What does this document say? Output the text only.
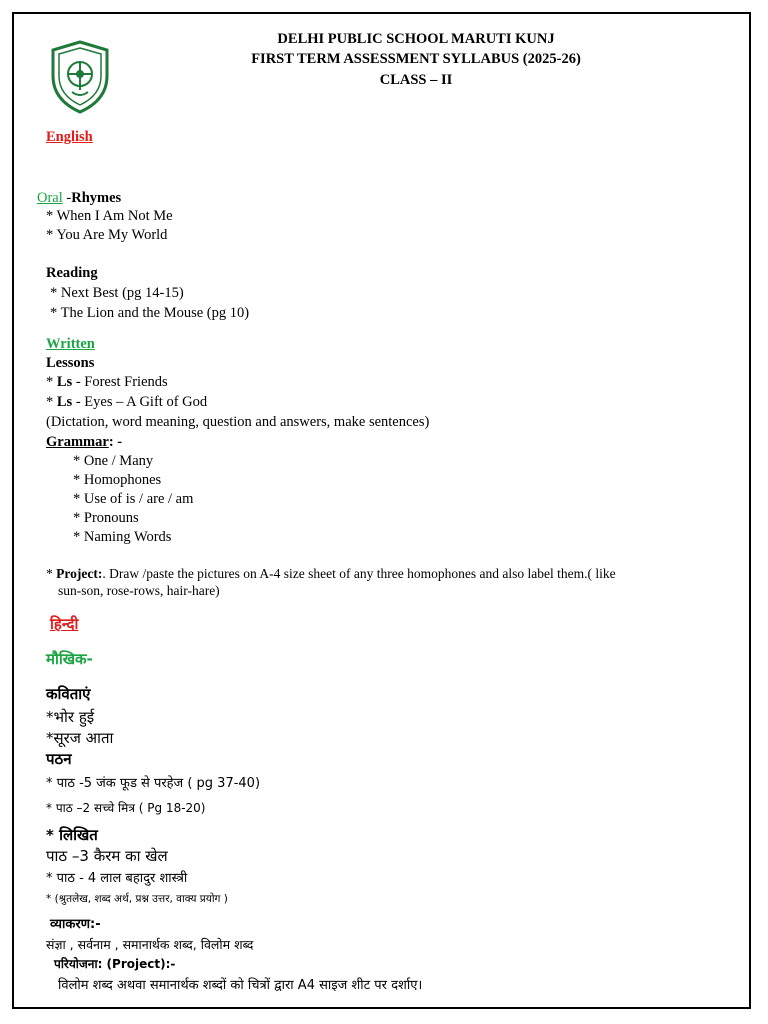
DELHI PUBLIC SCHOOL MARUTI KUNJ
FIRST TERM ASSESSMENT SYLLABUS (2025-26)
CLASS – II
English
Oral -Rhymes
* When I Am Not Me
* You Are My World
Reading
* Next Best (pg 14-15)
* The Lion and the Mouse (pg 10)
Written
Lessons
* Ls - Forest Friends
* Ls - Eyes – A Gift of God
(Dictation, word meaning, question and answers, make sentences)
Grammar: -
* One / Many
* Homophones
* Use of is / are / am
* Pronouns
* Naming Words
* Project:. Draw /paste the pictures on A-4 size sheet of any three homophones and also label them.( like
sun-son, rose-rows, hair-hare)
हिन्दी
मौखिक-
कविताएं
*भोर हुई
*सूरज आता
पठन
* पाठ -5 जंक फूड से परहेज ( pg 37-40)
* पाठ –2 सच्चे मित्र ( Pg 18-20)
* लिखित
पाठ –3 कैरम का खेल
* पाठ - 4 लाल बहादुर शास्त्री
* (श्रुतलेख, शब्द अर्थ, प्रश्न उत्तर, वाक्य प्रयोग )
व्याकरण:-
संज्ञा , सर्वनाम , समानार्थक शब्द, विलोम शब्द
परियोजना: (Project):-
विलोम शब्द अथवा समानार्थक शब्दों को चित्रों द्वारा A4 साइज शीट पर दर्शाए।
